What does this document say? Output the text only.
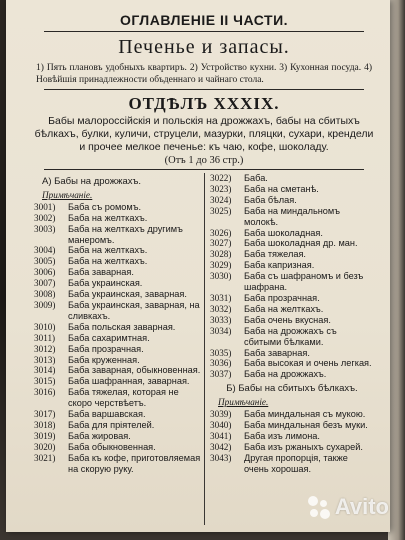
ОГЛАВЛЕНIЕ II ЧАСТИ.
Печенье и запасы.
1) Пять плановъ удобныхъ квартиръ. 2) Устройство кухни. 3) Кухонная посуда. 4) Новѣйшiя принадлежности объденнаго и чайнаго стола.
ОТДѢЛЪ XXXIX.
Бабы малороссiйскiя и польскiя на дрожжахъ, бабы на сбитыхъ бѣлкахъ, булки, куличи, струцели, мазурки, пляцки, сухари, крендели и прочее мелкое печенье: къ чаю, кофе, шоколаду.
(Отъ 1 до 36 стр.)
А) Бабы на дрожжахъ.
Примѣчанiе.
3001)	Баба съ ромомъ.
3002)	Баба на желткахъ.
3003)	Баба на желткахъ другимъ манеромъ.
3004)	Баба на желткахъ.
3005)	Баба на желткахъ.
3006)	Баба заварная.
3007)	Баба украинская.
3008)	Баба украинская, заварная.
3009)	Баба украинская, заварная, на сливкахъ.
3010)	Баба польская заварная.
3011)	Баба сахаримтная.
3012)	Баба прозрачная.
3013)	Баба круженная.
3014)	Баба заварная, обыкновенная.
3015)	Баба шафранная, заварная.
3016)	Баба тяжелая, которая не скоро черствѣетъ.
3017)	Баба варшавская.
3018)	Баба для прiятелей.
3019)	Баба жировая.
3020)	Баба обыкновенная.
3021)	Баба къ кофе, приготовляемая на скорую руку.
3022)	Баба.
3023)	Баба на сметанѣ.
3024)	Баба бѣлая.
3025)	Баба на миндальномъ молокѣ.
3026)	Баба шоколадная.
3027)	Баба шоколадная др. ман.
3028)	Баба тяжелая.
3029)	Баба капризная.
3030)	Баба съ шафраномъ и безъ шафрана.
3031)	Баба прозрачная.
3032)	Баба на желткахъ.
3033)	Баба очень вкусная.
3034)	Баба на дрожжахъ съ сбитыми бѣлками.
3035)	Баба заварная.
3036)	Баба высокая и очень легкая.
3037)	Баба на дрожжахъ.
Б) Бабы на сбитыхъ бѣлкахъ.
Примѣчанiе.
3039)	Баба миндальная съ мукою.
3040)	Баба миндальная безъ муки.
3041)	Баба изъ лимона.
3042)	Баба изъ ржаныхъ сухарей.
3043)	Другая пропорцiя, также очень хорошая.
Avito
